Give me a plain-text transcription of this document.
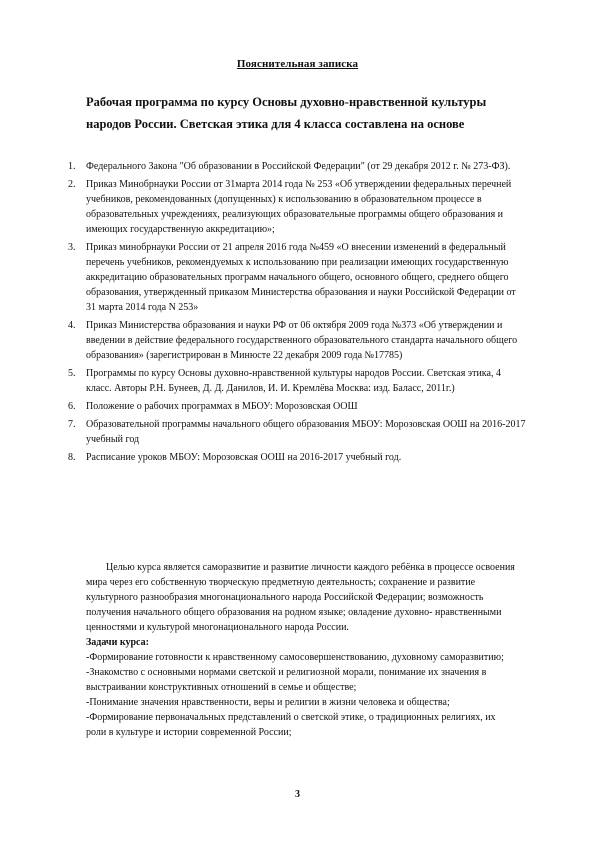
Пояснительная записка
Рабочая программа по курсу Основы духовно-нравственной культуры народов России. Светская этика для 4 класса составлена на основе
1. Федерального Закона "Об образовании в Российской Федерации" (от 29 декабря 2012 г. № 273-ФЗ).
2. Приказ Минобрнауки России от 31марта 2014 года № 253 «Об утверждении федеральных перечней учебников, рекомендованных (допущенных) к использованию в образовательном процессе в образовательных учреждениях, реализующих образовательные программы общего образования и имеющих государственную аккредитацию»;
3. Приказ минобрнауки России от 21 апреля 2016 года №459 «О внесении изменений в федеральный перечень учебников, рекомендуемых к использованию при реализации имеющих государственную аккредитацию образовательных программ начального общего, основного общего, среднего общего образования, утвержденный приказом Министерства образования и науки Российской Федерации от 31 марта 2014 года N 253»
4. Приказ Министерства образования и науки РФ от 06 октября 2009 года №373 «Об утверждении и введении в действие федерального государственного образовательного стандарта начального общего образования» (зарегистрирован в Минюсте 22 декабря 2009 года №17785)
5. Программы по курсу Основы духовно-нравственной культуры народов России. Светская этика, 4 класс. Авторы Р.Н. Бунеев, Д. Д. Данилов, И. И. Кремлёва Москва: изд. Баласс, 2011г.)
6. Положение о рабочих программах в МБОУ: Морозовская ООШ
7. Образовательной программы начального общего образования МБОУ: Морозовская ООШ на 2016-2017 учебный год
8. Расписание уроков МБОУ: Морозовская ООШ на 2016-2017 учебный год.

Целью курса является саморазвитие и развитие личности каждого ребёнка в процессе освоения мира через его собственную творческую предметную деятельность; сохранение и развитие культурного разнообразия многонационального народа Российской Федерации; возможность получения начального общего образования на родном языке; овладение духовно- нравственными ценностями и культурой многонационального народа России.

Задачи курса:

-Формирование готовности к нравственному самосовершенствованию, духовному саморазвитию;

-Знакомство с основными нормами светской и религиозной морали, понимание их значения в выстраивании конструктивных отношений в семье и обществе;

-Понимание значения нравственности, веры и религии в жизни человека и общества;

-Формирование первоначальных представлений о светской этике, о традиционных религиях, их роли в культуре и истории современной России;

3
